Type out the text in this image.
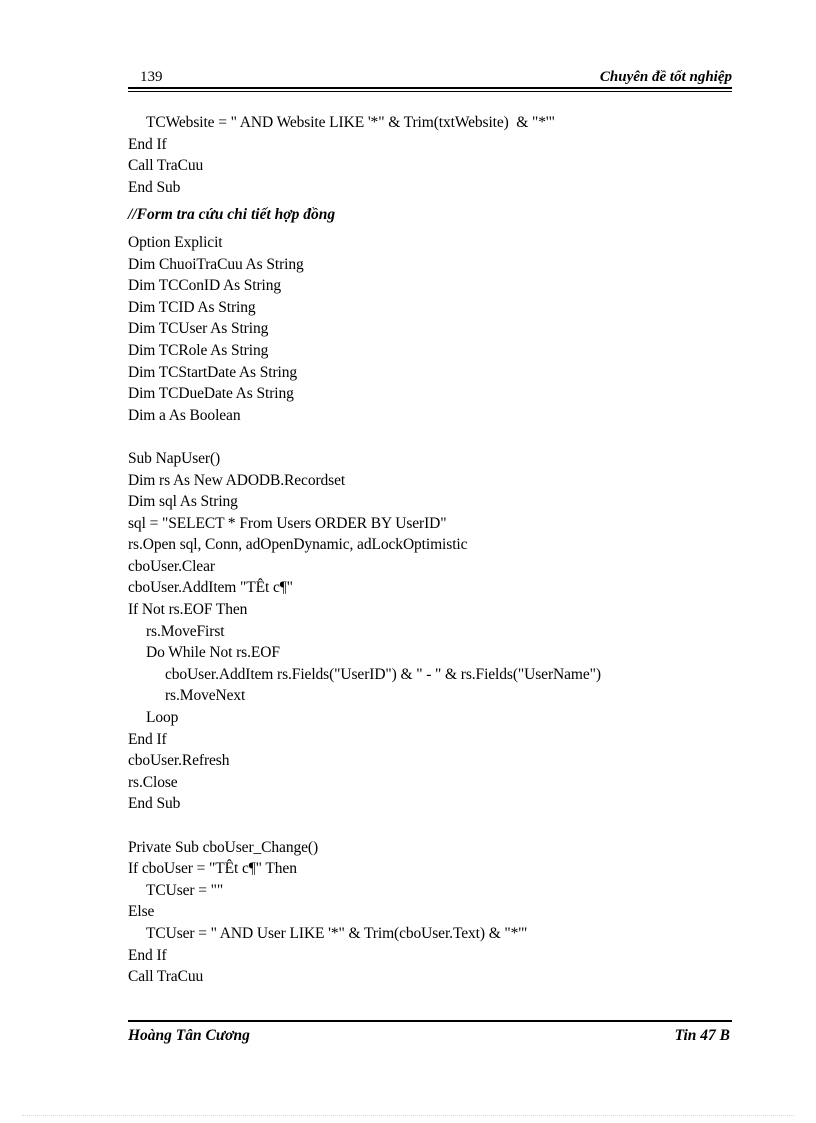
139	Chuyên đề tốt nghiệp
TCWebsite = " AND Website LIKE '*" & Trim(txtWebsite)  & "*'"
End If
Call TraCuu
End Sub
//Form tra cứu chi tiết hợp đồng
Option Explicit
Dim ChuoiTraCuu As String
Dim TCConID As String
Dim TCID As String
Dim TCUser As String
Dim TCRole As String
Dim TCStartDate As String
Dim TCDueDate As String
Dim a As Boolean
Sub NapUser()
Dim rs As New ADODB.Recordset
Dim sql As String
sql = "SELECT * From Users ORDER BY UserID"
rs.Open sql, Conn, adOpenDynamic, adLockOptimistic
cboUser.Clear
cboUser.AddItem "TÊt c¶"
If Not rs.EOF Then
rs.MoveFirst
Do While Not rs.EOF
cboUser.AddItem rs.Fields("UserID") & " - " & rs.Fields("UserName")
rs.MoveNext
Loop
End If
cboUser.Refresh
rs.Close
End Sub
Private Sub cboUser_Change()
If cboUser = "TÊt c¶" Then
TCUser = ""
Else
TCUser = " AND User LIKE '*" & Trim(cboUser.Text) & "*'"
End If
Call TraCuu
Hoàng Tân Cương	Tin 47 B
